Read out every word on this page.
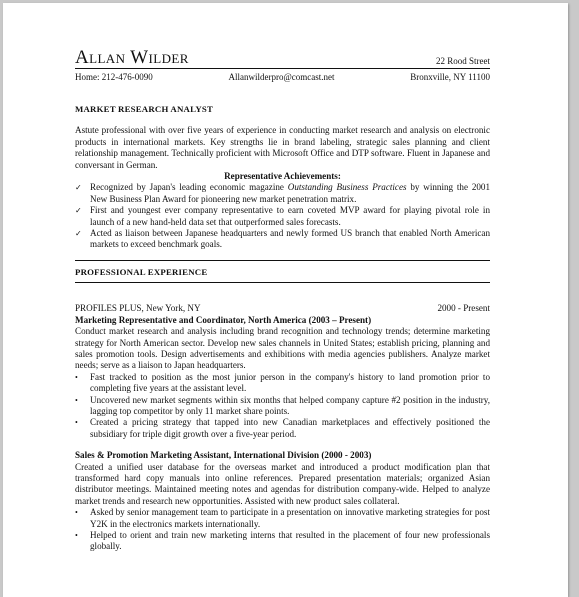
Allan Wilder	22 Rood Street
Home: 212-476-0090	Allanwilderpro@comcast.net	Bronxville, NY 11100
MARKET RESEARCH ANALYST
Astute professional with over five years of experience in conducting market research and analysis on electronic products in international markets. Key strengths lie in brand labeling, strategic sales planning and client relationship management. Technically proficient with Microsoft Office and DTP software. Fluent in Japanese and conversant in German.
Representative Achievements:
✓ Recognized by Japan's leading economic magazine Outstanding Business Practices by winning the 2001 New Business Plan Award for pioneering new market penetration matrix.
✓ First and youngest ever company representative to earn coveted MVP award for playing pivotal role in launch of a new hand-held data set that outperformed sales forecasts.
✓ Acted as liaison between Japanese headquarters and newly formed US branch that enabled North American markets to exceed benchmark goals.
PROFESSIONAL EXPERIENCE
PROFILES PLUS, New York, NY	2000 - Present
Marketing Representative and Coordinator, North America (2003 – Present)
Conduct market research and analysis including brand recognition and technology trends; determine marketing strategy for North American sector. Develop new sales channels in United States; establish pricing, planning and sales promotion tools. Design advertisements and exhibitions with media agencies publishers. Analyze market needs; serve as a liaison to Japan headquarters.
• Fast tracked to position as the most junior person in the company's history to land promotion prior to completing five years at the assistant level.
• Uncovered new market segments within six months that helped company capture #2 position in the industry, lagging top competitor by only 11 market share points.
• Created a pricing strategy that tapped into new Canadian marketplaces and effectively positioned the subsidiary for triple digit growth over a five-year period.
Sales & Promotion Marketing Assistant, International Division (2000 - 2003)
Created a unified user database for the overseas market and introduced a product modification plan that transformed hard copy manuals into online references. Prepared presentation materials; organized Asian distributor meetings. Maintained meeting notes and agendas for distribution company-wide. Helped to analyze market trends and research new opportunities. Assisted with new product sales collateral.
• Asked by senior management team to participate in a presentation on innovative marketing strategies for post Y2K in the electronics markets internationally.
• Helped to orient and train new marketing interns that resulted in the placement of four new professionals globally.
